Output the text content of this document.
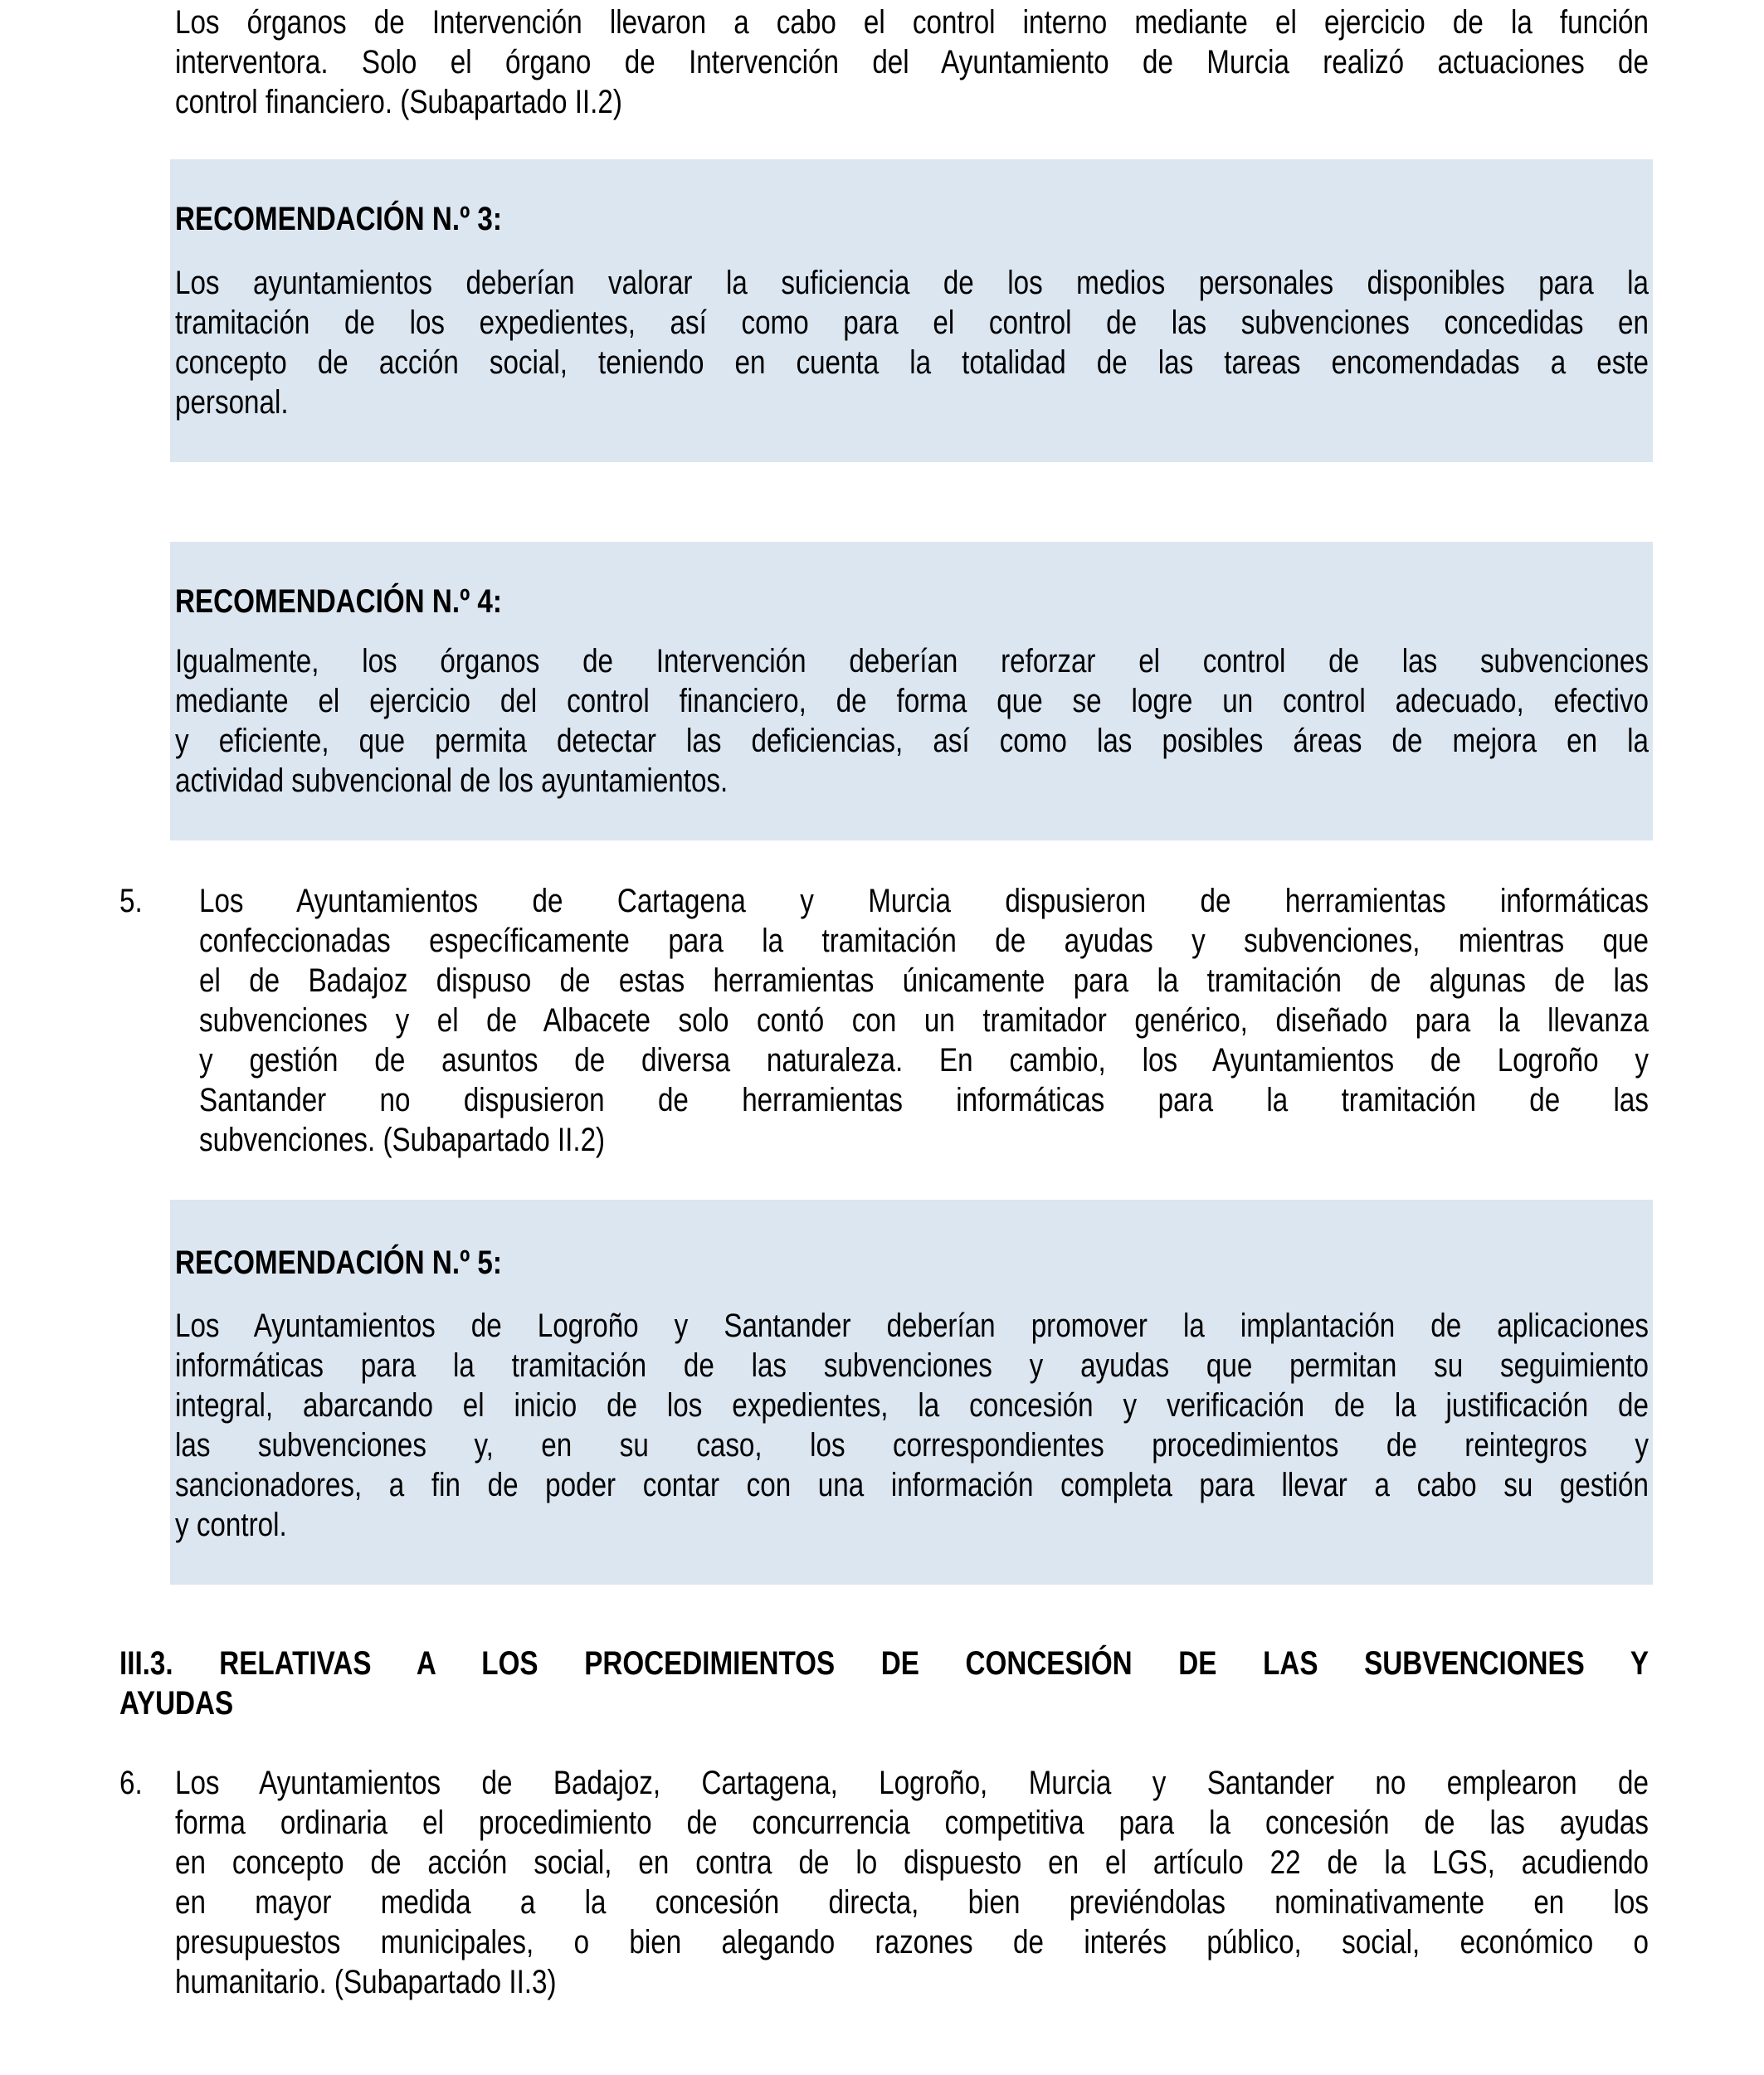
Los órganos de Intervención llevaron a cabo el control interno mediante el ejercicio de la función
interventora. Solo el órgano de Intervención del Ayuntamiento de Murcia realizó actuaciones de
control financiero. (Subapartado II.2)
RECOMENDACIÓN N.º 3:
Los ayuntamientos deberían valorar la suficiencia de los medios personales disponibles para la
tramitación de los expedientes, así como para el control de las subvenciones concedidas en
concepto de acción social, teniendo en cuenta la totalidad de las tareas encomendadas a este
personal.
RECOMENDACIÓN N.º 4:
Igualmente, los órganos de Intervención deberían reforzar el control de las subvenciones
mediante el ejercicio del control financiero, de forma que se logre un control adecuado, efectivo
y eficiente, que permita detectar las deficiencias, así como las posibles áreas de mejora en la
actividad subvencional de los ayuntamientos.
5. Los Ayuntamientos de Cartagena y Murcia dispusieron de herramientas informáticas
confeccionadas específicamente para la tramitación de ayudas y subvenciones, mientras que
el de Badajoz dispuso de estas herramientas únicamente para la tramitación de algunas de las
subvenciones y el de Albacete solo contó con un tramitador genérico, diseñado para la llevanza
y gestión de asuntos de diversa naturaleza. En cambio, los Ayuntamientos de Logroño y
Santander no dispusieron de herramientas informáticas para la tramitación de las
subvenciones. (Subapartado II.2)
RECOMENDACIÓN N.º 5:
Los Ayuntamientos de Logroño y Santander deberían promover la implantación de aplicaciones
informáticas para la tramitación de las subvenciones y ayudas que permitan su seguimiento
integral, abarcando el inicio de los expedientes, la concesión y verificación de la justificación de
las subvenciones y, en su caso, los correspondientes procedimientos de reintegros y
sancionadores, a fin de poder contar con una información completa para llevar a cabo su gestión
y control.
III.3. RELATIVAS A LOS PROCEDIMIENTOS DE CONCESIÓN DE LAS SUBVENCIONES Y
AYUDAS
6. Los Ayuntamientos de Badajoz, Cartagena, Logroño, Murcia y Santander no emplearon de
forma ordinaria el procedimiento de concurrencia competitiva para la concesión de las ayudas
en concepto de acción social, en contra de lo dispuesto en el artículo 22 de la LGS, acudiendo
en mayor medida a la concesión directa, bien previéndolas nominativamente en los
presupuestos municipales, o bien alegando razones de interés público, social, económico o
humanitario. (Subapartado II.3)
